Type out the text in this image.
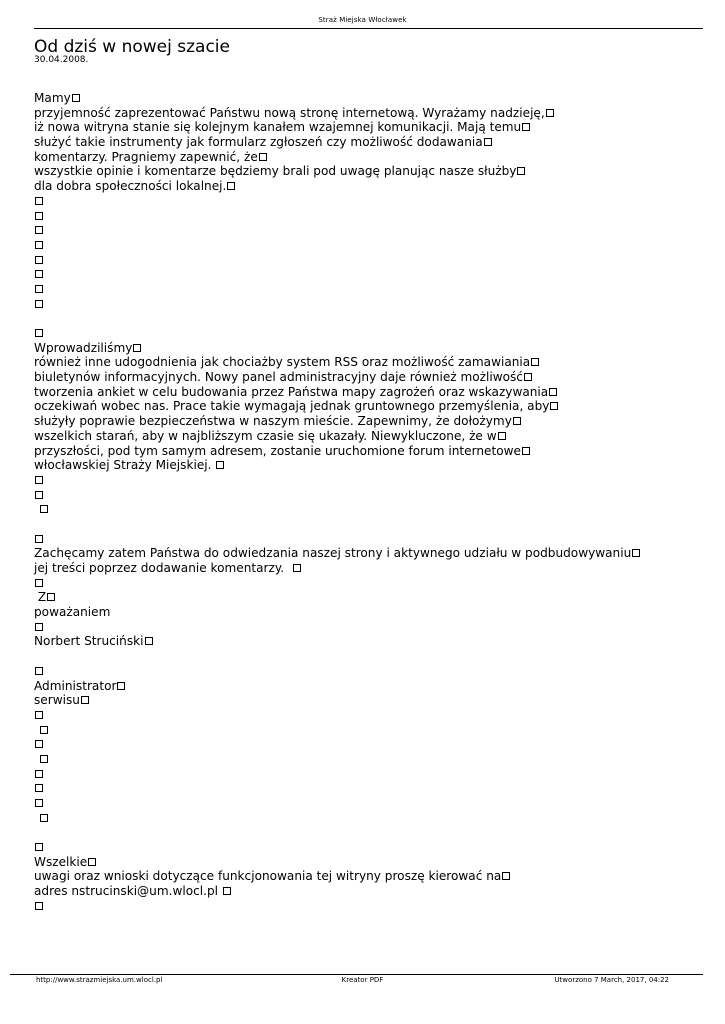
Straż Miejska Włocławek
Od dziś w nowej szacie
30.04.2008.
Mamy
przyjemność zaprezentować Państwu nową stronę internetową. Wyrażamy nadzieję,
iż nowa witryna stanie się kolejnym kanałem wzajemnej komunikacji. Mają temu
służyć takie instrumenty jak formularz zgłoszeń czy możliwość dodawania
komentarzy. Pragniemy zapewnić, że
wszystkie opinie i komentarze będziemy brali pod uwagę planując nasze służby
dla dobra społeczności lokalnej.
Wprowadziliśmy
również inne udogodnienia jak chociażby system RSS oraz możliwość zamawiania
biuletynów informacyjnych. Nowy panel administracyjny daje również możliwość
tworzenia ankiet w celu budowania przez Państwa mapy zagrożeń oraz wskazywania
oczekiwań wobec nas. Prace takie wymagają jednak gruntownego przemyślenia, aby
służyły poprawie bezpieczeństwa w naszym mieście. Zapewnimy, że dołożymy
wszelkich starań, aby w najbliższym czasie się ukazały. Niewykluczone, że w
przyszłości, pod tym samym adresem, zostanie uruchomione forum internetowe
włocławskiej Straży Miejskiej.
Zachęcamy zatem Państwa do odwiedzania naszej strony i aktywnego udziału w podbudowywaniu
jej treści poprzez dodawanie komentarzy.
Z
poważaniem
Norbert Struciński
Administrator
serwisu
Wszelkie
uwagi oraz wnioski dotyczące funkcjonowania tej witryny proszę kierować na
adres nstrucinski@um.wlocl.pl
http://www.strazmiejska.um.wlocl.pl	Kreator PDF	Utworzono 7 March, 2017, 04:22
